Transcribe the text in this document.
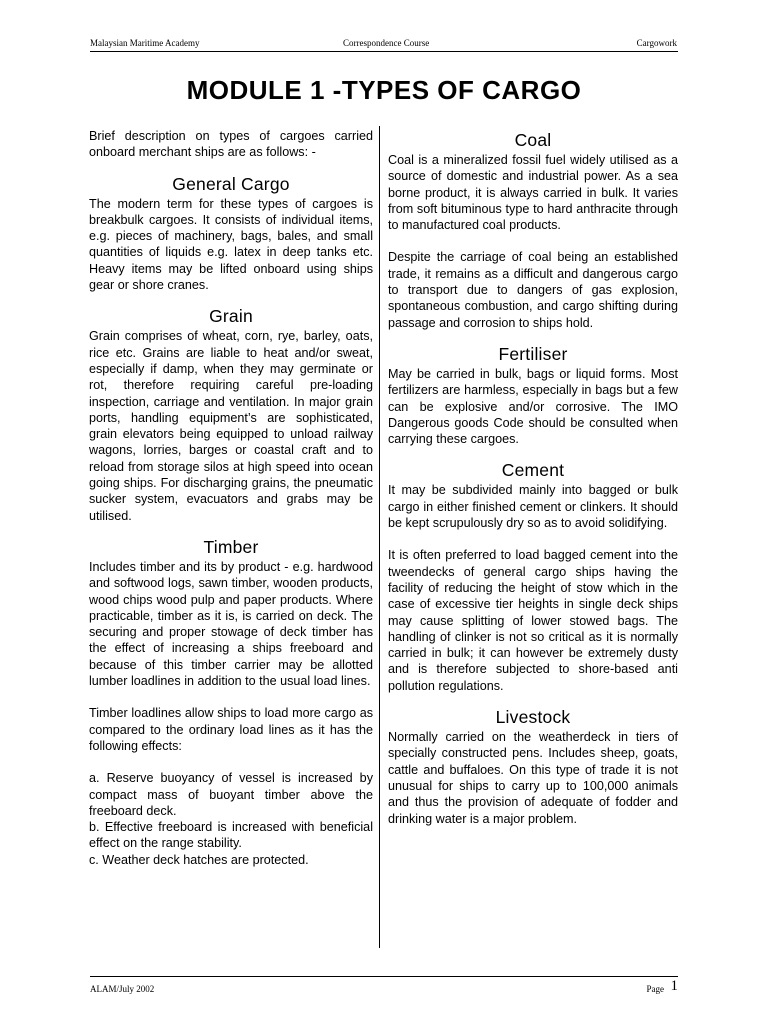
Malaysian Maritime Academy	Correspondence Course	Cargowork
MODULE 1 -TYPES OF CARGO

Brief description on types of cargoes carried onboard merchant ships are as follows: -

General Cargo

The modern term for these types of cargoes is breakbulk cargoes. It consists of individual items, e.g. pieces of machinery, bags, bales, and small quantities of liquids e.g. latex in deep tanks etc. Heavy items may be lifted onboard using ships gear or shore cranes.

Grain

Grain comprises of wheat, corn, rye, barley, oats, rice etc. Grains are liable to heat and/or sweat, especially if damp, when they may germinate or rot, therefore requiring careful pre-loading inspection, carriage and ventilation. In major grain ports, handling equipment’s are sophisticated, grain elevators being equipped to unload railway wagons, lorries, barges or coastal craft and to reload from storage silos at high speed into ocean going ships. For discharging grains, the pneumatic sucker system, evacuators and grabs may be utilised.

Timber

Includes timber and its by product - e.g. hardwood and softwood logs, sawn timber, wooden products, wood chips wood pulp and paper products. Where practicable, timber as it is, is carried on deck. The securing and proper stowage of deck timber has the effect of increasing a ships freeboard and because of this timber carrier may be allotted lumber loadlines in addition to the usual load lines.

Timber loadlines allow ships to load more cargo as compared to the ordinary load lines as it has the following effects:

a. Reserve buoyancy of vessel is increased by compact mass of buoyant timber above the freeboard deck.

b. Effective freeboard is increased with beneficial effect on the range stability.

c. Weather deck hatches are protected.

Coal

Coal is a mineralized fossil fuel widely utilised as a source of domestic and industrial power. As a sea borne product, it is always carried in bulk. It varies from soft bituminous type to hard anthracite through to manufactured coal products.

Despite the carriage of coal being an established trade, it remains as a difficult and dangerous cargo to transport due to dangers of gas explosion, spontaneous combustion, and cargo shifting during passage and corrosion to ships hold.

Fertiliser

May be carried in bulk, bags or liquid forms. Most fertilizers are harmless, especially in bags but a few can be explosive and/or corrosive. The IMO Dangerous goods Code should be consulted when carrying these cargoes.

Cement

It may be subdivided mainly into bagged or bulk cargo in either finished cement or clinkers. It should be kept scrupulously dry so as to avoid solidifying.

It is often preferred to load bagged cement into the tweendecks of general cargo ships having the facility of reducing the height of stow which in the case of excessive tier heights in single deck ships may cause splitting of lower stowed bags. The handling of clinker is not so critical as it is normally carried in bulk; it can however be extremely dusty and is therefore subjected to shore-based anti pollution regulations.

Livestock

Normally carried on the weatherdeck in tiers of specially constructed pens. Includes sheep, goats, cattle and buffaloes. On this type of trade it is not unusual for ships to carry up to 100,000 animals and thus the provision of adequate of fodder and drinking water is a major problem.

ALAM/July 2002	Page 1
